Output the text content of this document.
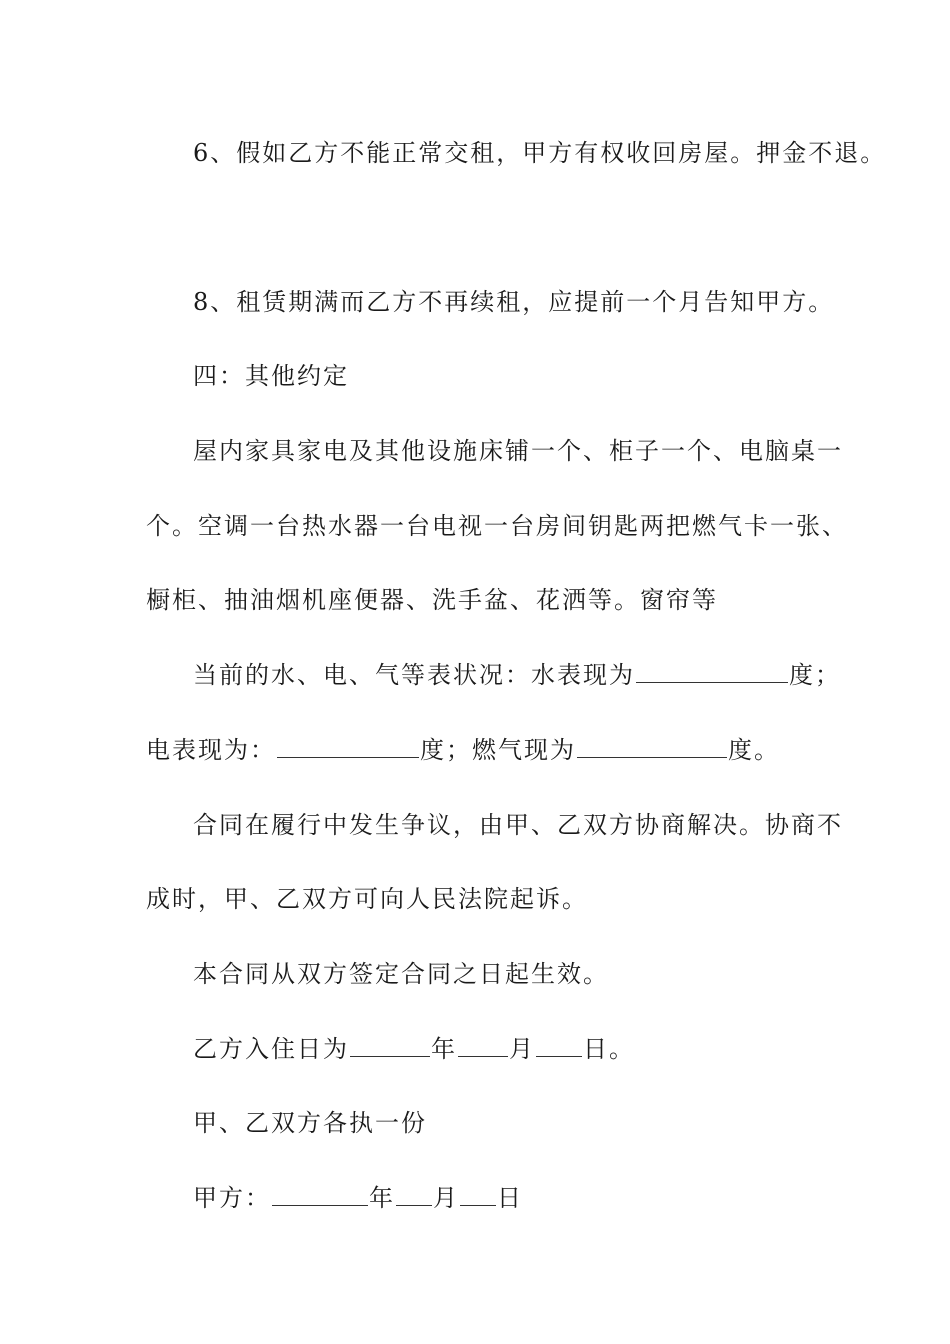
6、假如乙方不能正常交租，甲方有权收回房屋。押金不退。
8、租赁期满而乙方不再续租，应提前一个月告知甲方。
四：其他约定
屋内家具家电及其他设施床铺一个、柜子一个、电脑桌一
个。空调一台热水器一台电视一台房间钥匙两把燃气卡一张、
橱柜、抽油烟机座便器、洗手盆、花洒等。窗帘等
当前的水、电、气等表状况：水表现为	度；
电表现为：	度；燃气现为	度。
合同在履行中发生争议，由甲、乙双方协商解决。协商不
成时，甲、乙双方可向人民法院起诉。
本合同从双方签定合同之日起生效。
乙方入住日为	年 月 日。
甲、乙双方各执一份
甲方：	年 月 日
